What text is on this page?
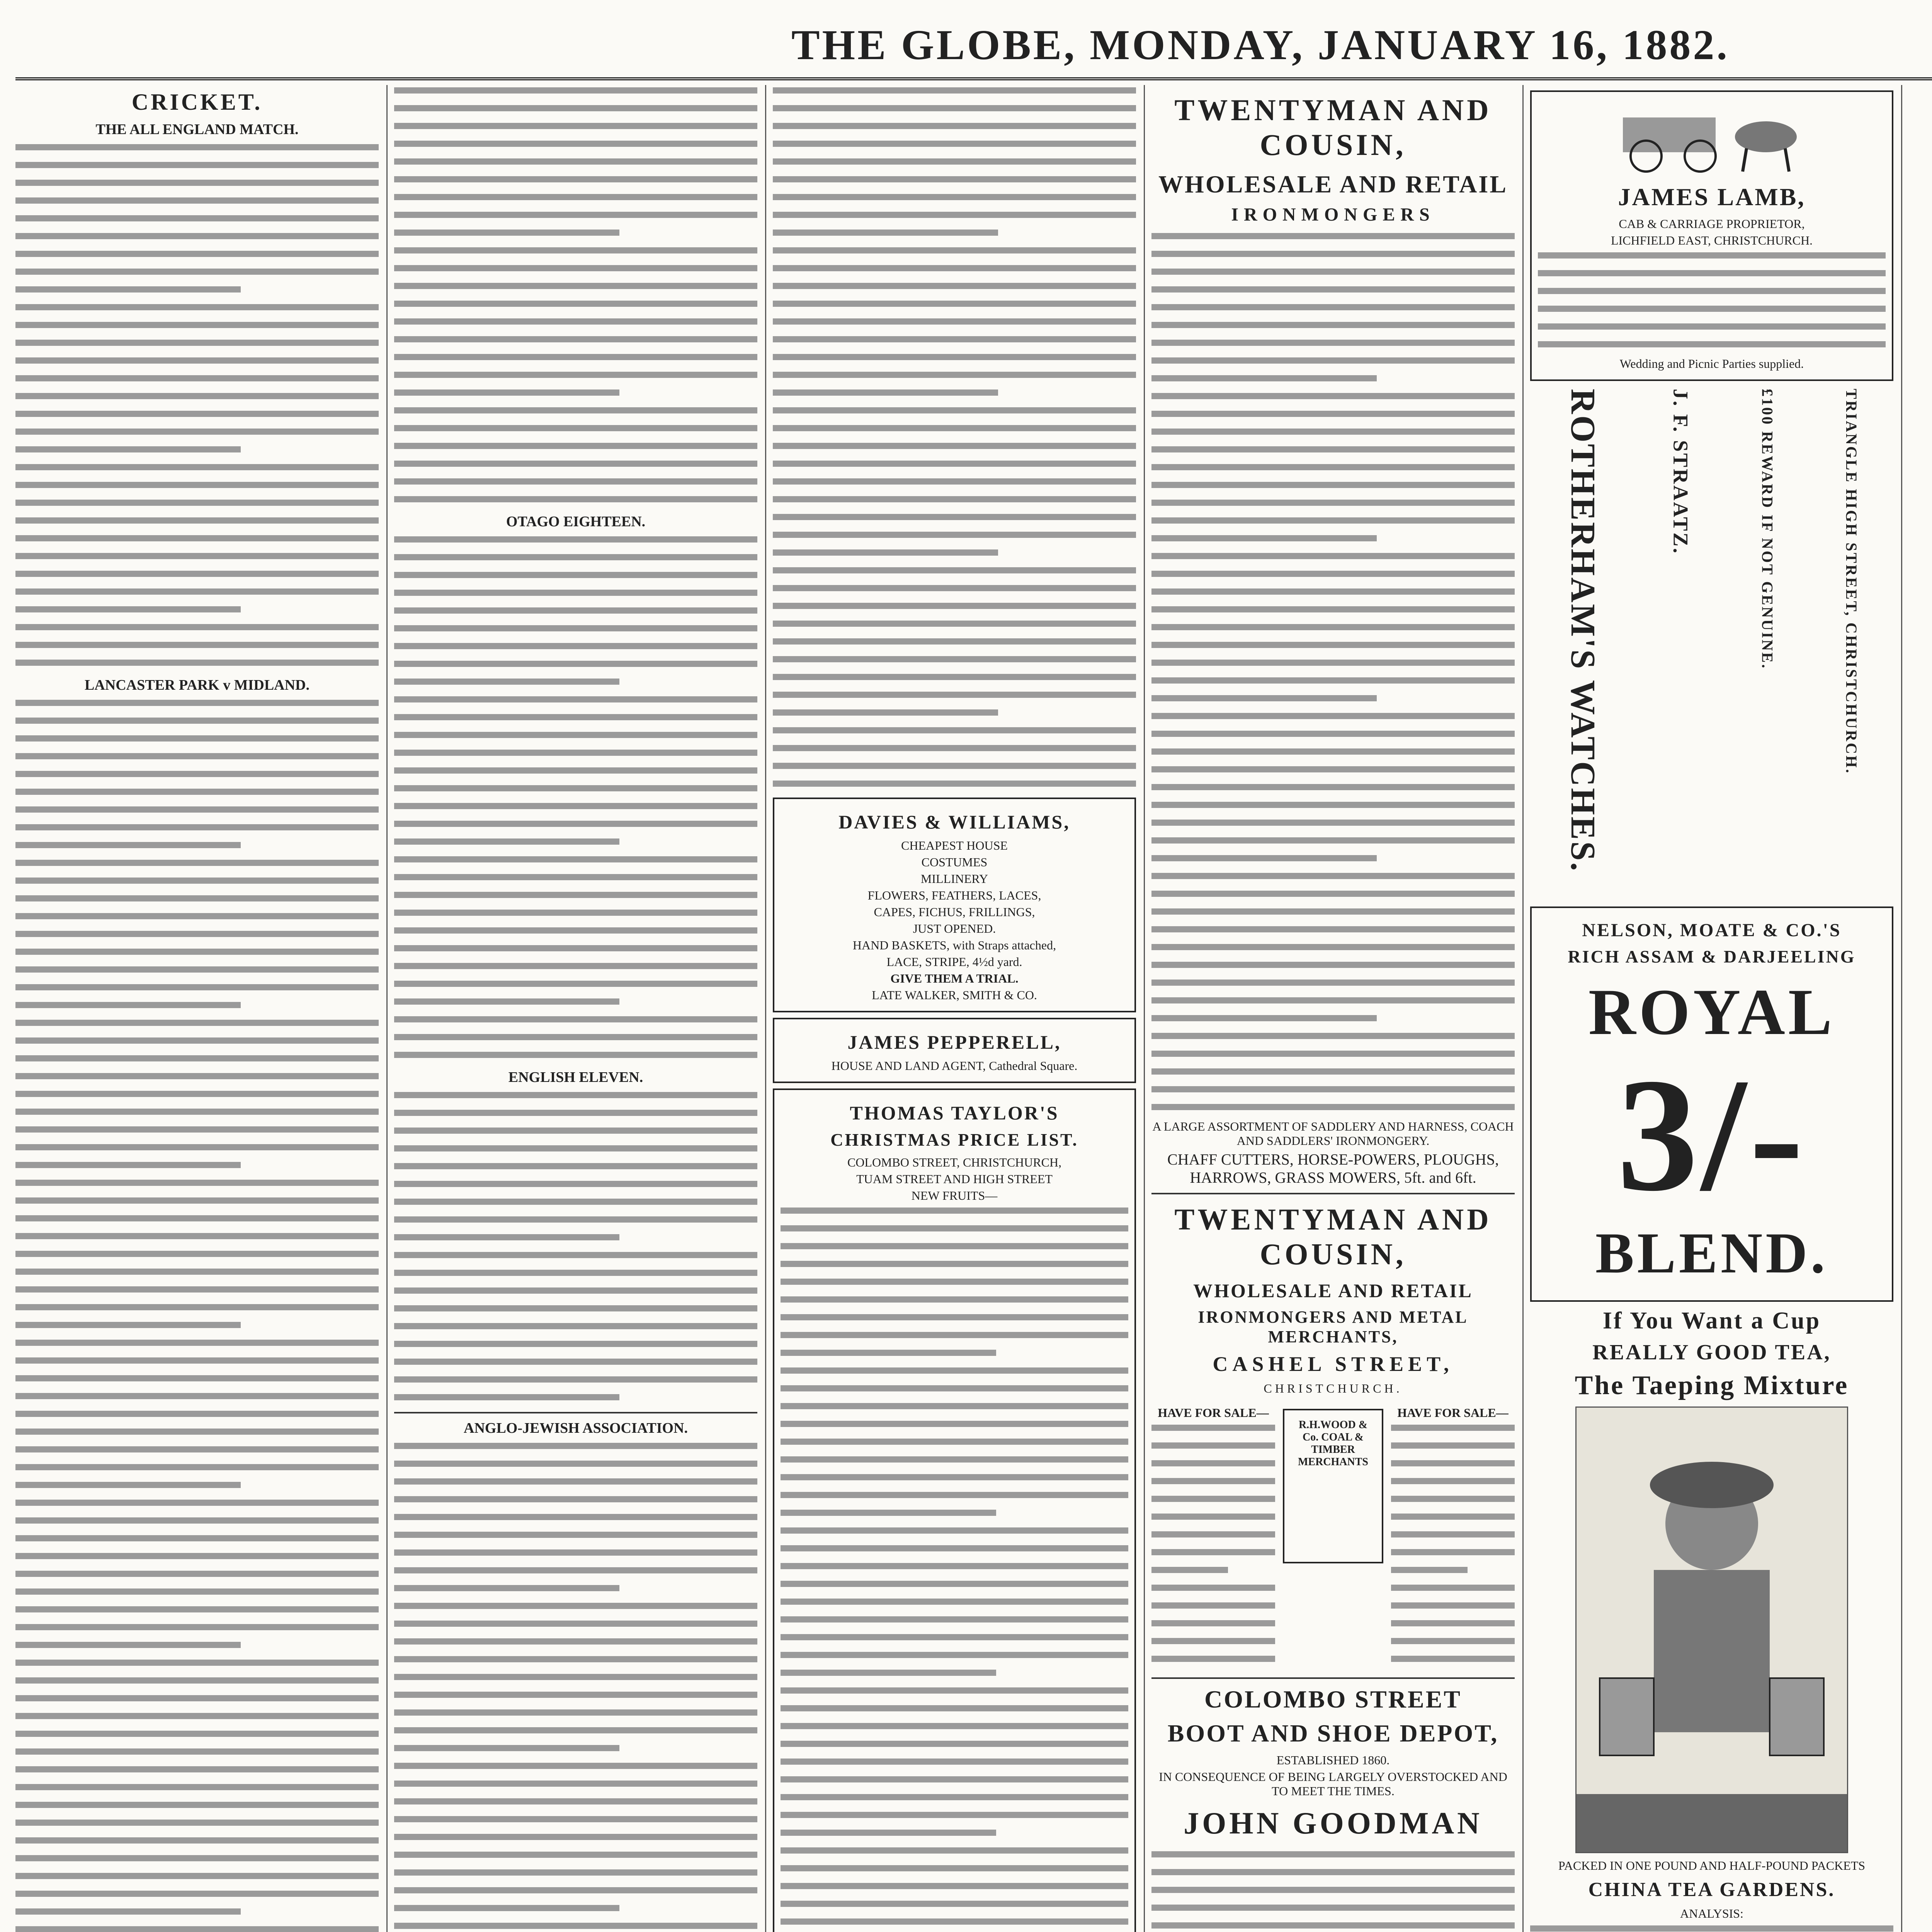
THE GLOBE, MONDAY, JANUARY 16, 1882.
CRICKET.
THE ALL ENGLAND MATCH.
LANCASTER PARK v MIDLAND.
OTAGO EIGHTEEN.
ENGLISH ELEVEN.
ANGLO-JEWISH ASSOCIATION.
DAVIES & WILLIAMS,
CHEAPEST HOUSE
COSTUMES
MILLINERY
FLOWERS, FEATHERS, LACES,
CAPES, FICHUS, FRILLINGS,
JUST OPENED.
HAND BASKETS, with Straps attached,
LACE, STRIPE, 4½d yard.
GIVE THEM A TRIAL.
LATE WALKER, SMITH & CO.
JAMES PEPPERELL,
HOUSE AND LAND AGENT, Cathedral Square.
THOMAS TAYLOR'S
CHRISTMAS PRICE LIST.
COLOMBO STREET, CHRISTCHURCH,
TUAM STREET AND HIGH STREET
NEW FRUITS—
TWENTYMAN AND COUSIN,
WHOLESALE AND RETAIL
IRONMONGERS
A LARGE ASSORTMENT OF SADDLERY AND HARNESS, COACH AND SADDLERS' IRONMONGERY.
CHAFF CUTTERS, HORSE-POWERS, PLOUGHS, HARROWS, GRASS MOWERS, 5ft. and 6ft.
TWENTYMAN AND COUSIN,
WHOLESALE AND RETAIL
IRONMONGERS AND METAL MERCHANTS,
CASHEL STREET,
CHRISTCHURCH.
HAVE FOR SALE—
R.H.WOOD & Co. COAL & TIMBER MERCHANTS
HAVE FOR SALE—
COLOMBO STREET
BOOT AND SHOE DEPOT,
ESTABLISHED 1860.
IN CONSEQUENCE OF BEING LARGELY OVERSTOCKED AND TO MEET THE TIMES.
JOHN GOODMAN
JAMES LAMB,
CAB & CARRIAGE PROPRIETOR,
LICHFIELD EAST, CHRISTCHURCH.
Wedding and Picnic Parties supplied.
ROTHERHAM'S WATCHES.	J. F. STRAATZ.	£100 REWARD IF NOT GENUINE.	TRIANGLE HIGH STREET, CHRISTCHURCH.
NELSON, MOATE & CO.'S
RICH ASSAM & DARJEELING
ROYAL
3/-
BLEND.
If You Want a Cup
REALLY GOOD TEA,
The Taeping Mixture
PACKED IN ONE POUND AND HALF-POUND PACKETS
CHINA TEA GARDENS.
ANALYSIS:
